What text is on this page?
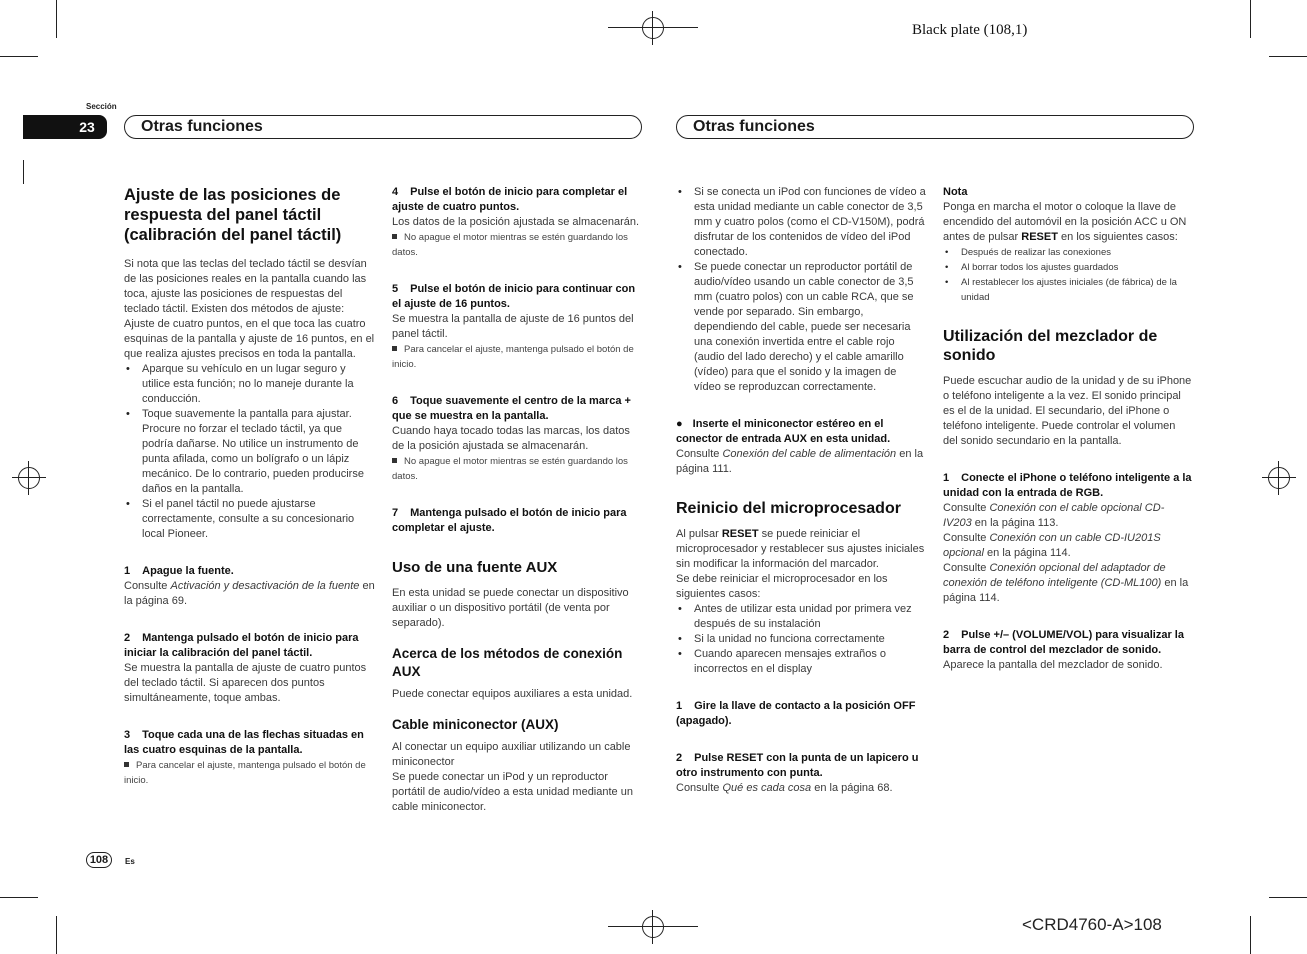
Black plate (108,1)
<CRD4760-A>108
Sección
23	Otras funciones	Otras funciones
Ajuste de las posiciones de respuesta del panel táctil (calibración del panel táctil)

Si nota que las teclas del teclado táctil se desvían de las posiciones reales en la pantalla cuando las toca, ajuste las posiciones de respuestas del teclado táctil. Existen dos métodos de ajuste: Ajuste de cuatro puntos, en el que toca las cuatro esquinas de la pantalla y ajuste de 16 puntos, en el que realiza ajustes precisos en toda la pantalla.

• Aparque su vehículo en un lugar seguro y utilice esta función; no lo maneje durante la conducción.
• Toque suavemente la pantalla para ajustar. Procure no forzar el teclado táctil, ya que podría dañarse. No utilice un instrumento de punta afilada, como un bolígrafo o un lápiz mecánico. De lo contrario, pueden producirse daños en la pantalla.
• Si el panel táctil no puede ajustarse correctamente, consulte a su concesionario local Pioneer.

1 Apague la fuente.

Consulte Activación y desactivación de la fuente en la página 69.

2 Mantenga pulsado el botón de inicio para iniciar la calibración del panel táctil.

Se muestra la pantalla de ajuste de cuatro puntos del teclado táctil. Si aparecen dos puntos simultáneamente, toque ambas.

3 Toque cada una de las flechas situadas en las cuatro esquinas de la pantalla.

Para cancelar el ajuste, mantenga pulsado el botón de inicio.

4 Pulse el botón de inicio para completar el ajuste de cuatro puntos.

Los datos de la posición ajustada se almacenarán.

No apague el motor mientras se estén guardando los datos.

5 Pulse el botón de inicio para continuar con el ajuste de 16 puntos.

Se muestra la pantalla de ajuste de 16 puntos del panel táctil.

Para cancelar el ajuste, mantenga pulsado el botón de inicio.

6 Toque suavemente el centro de la marca + que se muestra en la pantalla.

Cuando haya tocado todas las marcas, los datos de la posición ajustada se almacenarán.

No apague el motor mientras se estén guardando los datos.

7 Mantenga pulsado el botón de inicio para completar el ajuste.

Uso de una fuente AUX

En esta unidad se puede conectar un dispositivo auxiliar o un dispositivo portátil (de venta por separado).

Acerca de los métodos de conexión AUX

Puede conectar equipos auxiliares a esta unidad.

Cable miniconector (AUX)

Al conectar un equipo auxiliar utilizando un cable miniconector

Se puede conectar un iPod y un reproductor portátil de audio/vídeo a esta unidad mediante un cable miniconector.

• Si se conecta un iPod con funciones de vídeo a esta unidad mediante un cable conector de 3,5 mm y cuatro polos (como el CD-V150M), podrá disfrutar de los contenidos de vídeo del iPod conectado.
• Se puede conectar un reproductor portátil de audio/vídeo usando un cable conector de 3,5 mm (cuatro polos) con un cable RCA, que se vende por separado. Sin embargo, dependiendo del cable, puede ser necesaria una conexión invertida entre el cable rojo (audio del lado derecho) y el cable amarillo (vídeo) para que el sonido y la imagen de vídeo se reproduzcan correctamente.

● Inserte el miniconector estéreo en el conector de entrada AUX en esta unidad.

Consulte Conexión del cable de alimentación en la página 111.

Reinicio del microprocesador

Al pulsar RESET se puede reiniciar el microprocesador y restablecer sus ajustes iniciales sin modificar la información del marcador.

Se debe reiniciar el microprocesador en los siguientes casos:

• Antes de utilizar esta unidad por primera vez después de su instalación
• Si la unidad no funciona correctamente
• Cuando aparecen mensajes extraños o incorrectos en el display

1 Gire la llave de contacto a la posición OFF (apagado).

2 Pulse RESET con la punta de un lapicero u otro instrumento con punta.

Consulte Qué es cada cosa en la página 68.

Nota

Ponga en marcha el motor o coloque la llave de encendido del automóvil en la posición ACC u ON antes de pulsar RESET en los siguientes casos:

• Después de realizar las conexiones
• Al borrar todos los ajustes guardados
• Al restablecer los ajustes iniciales (de fábrica) de la unidad
Utilización del mezclador de sonido

Puede escuchar audio de la unidad y de su iPhone o teléfono inteligente a la vez. El sonido principal es el de la unidad. El secundario, del iPhone o teléfono inteligente. Puede controlar el volumen del sonido secundario en la pantalla.

1 Conecte el iPhone o teléfono inteligente a la unidad con la entrada de RGB.

Consulte Conexión con el cable opcional CD-IV203 en la página 113.

Consulte Conexión con un cable CD-IU201S opcional en la página 114.

Consulte Conexión opcional del adaptador de conexión de teléfono inteligente (CD-ML100) en la página 114.

2 Pulse +/– (VOLUME/VOL) para visualizar la barra de control del mezclador de sonido.

Aparece la pantalla del mezclador de sonido.

108	Es
